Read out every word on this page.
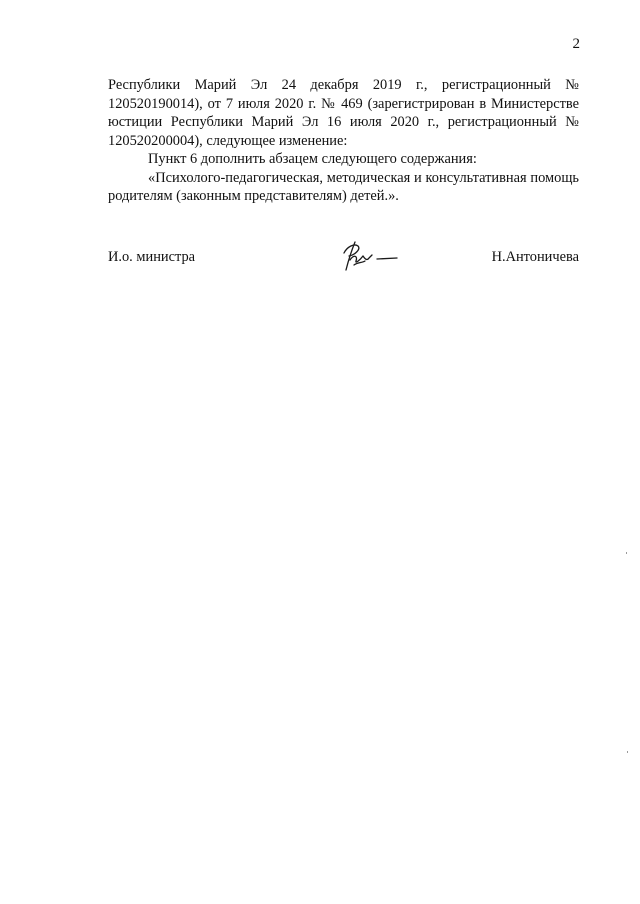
2

Республики Марий Эл 24 декабря 2019 г., регистрационный № 120520190014), от 7 июля 2020 г. № 469 (зарегистрирован в Министерстве юстиции Республики Марий Эл 16 июля 2020 г., регистрационный № 120520200004), следующее изменение:

Пункт 6 дополнить абзацем следующего содержания:

«Психолого-педагогическая, методическая и консультативная помощь родителям (законным представителям) детей.».

И.о. министра	Н.Антоничева
